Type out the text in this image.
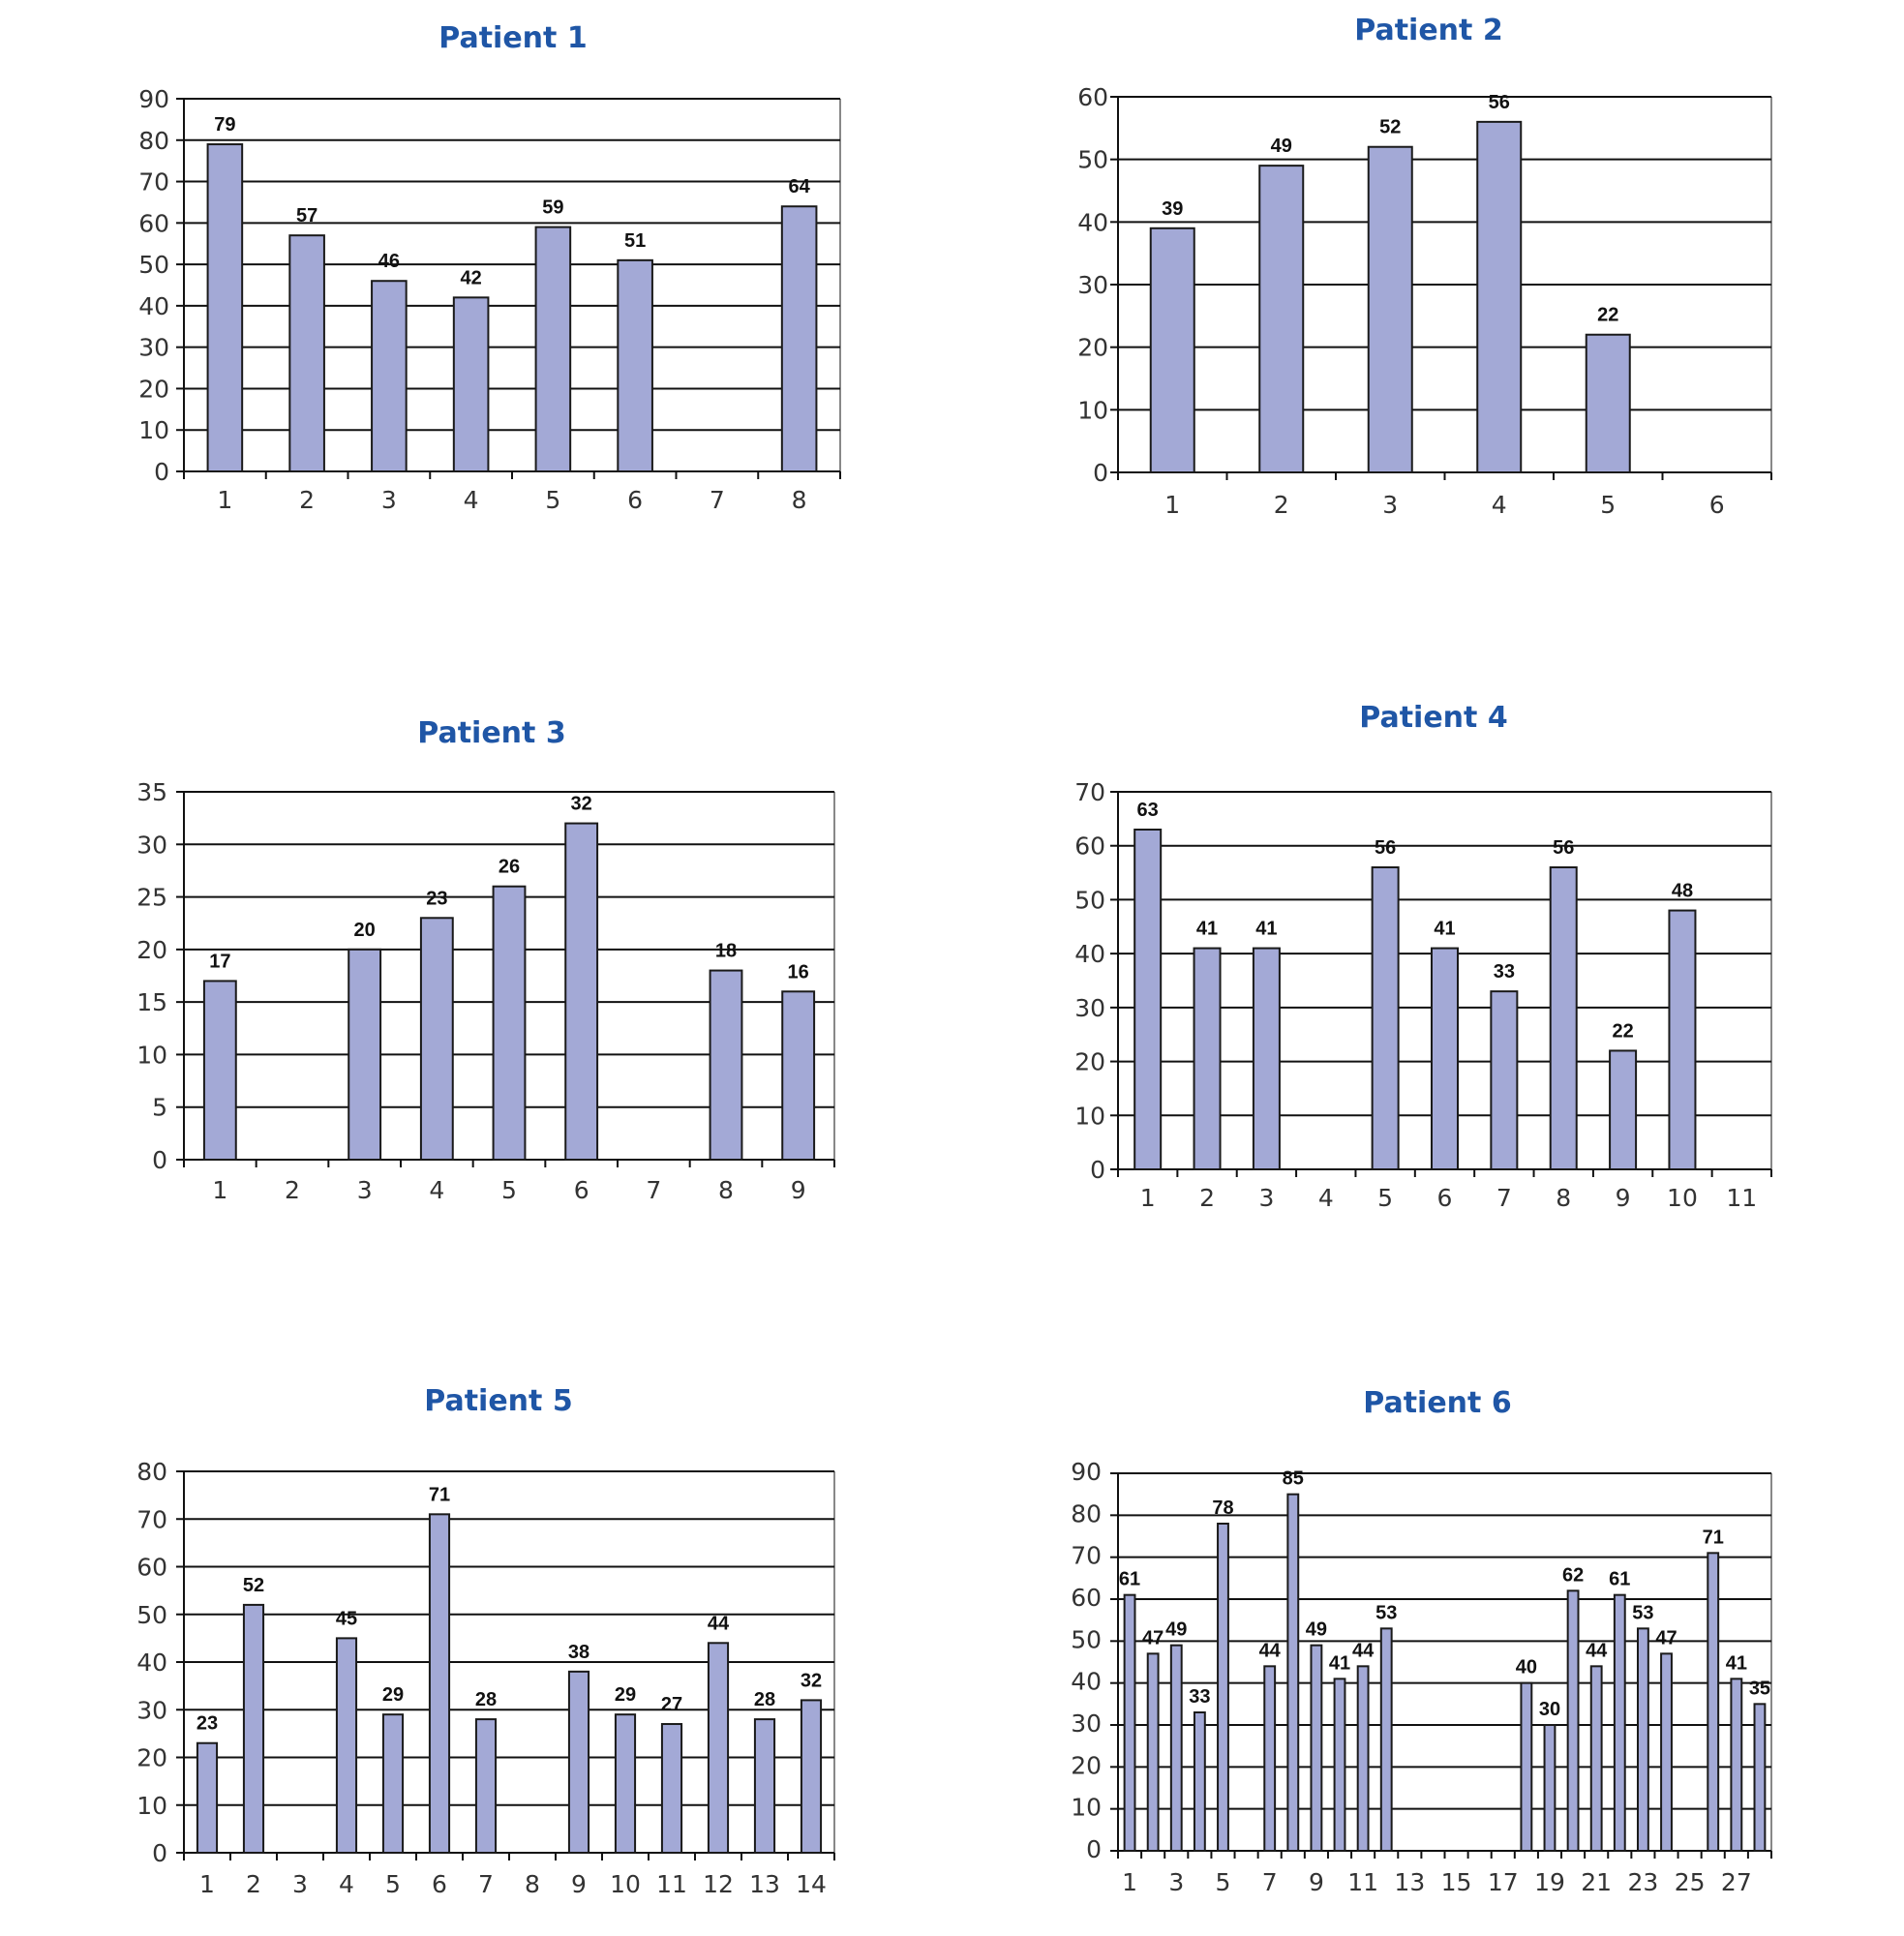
Patient 1	Patient 2
Patient 3	Patient 4
Patient 5	Patient 6
0
10
20
30
40
50
60
70
80
90
79
57
46
42
59
51
64
1	2	3	4	5	6	7	8
0
10
20
30
40
50
60
39
49
52
56
22
1	2	3	4	5	6
0
5
10
15
20
25
30
35
17
20
23
26
32
18
16
1 2 3 4 5 6 7 8 9
0
10
20
30
40
50
60
70
63
41 41
56
41
33
56
22
48
1 2 3 4 5 6 7 8 9 10 11
0
10
20
30
40
50
60
70
80
23
52
45
29
71
28
38
29 27
44
28
32
1 2 3 4 5 6 7 8 9 10 11 12 13 14
0
10
20
30
40
50
60
70
80
90
61
47 49
33
78
44
85
49
41
44
53
40
30
62
44
61
53
47
71
41
35
1 3 5 7 9 11 13 15 17 19 21 23 25 27
